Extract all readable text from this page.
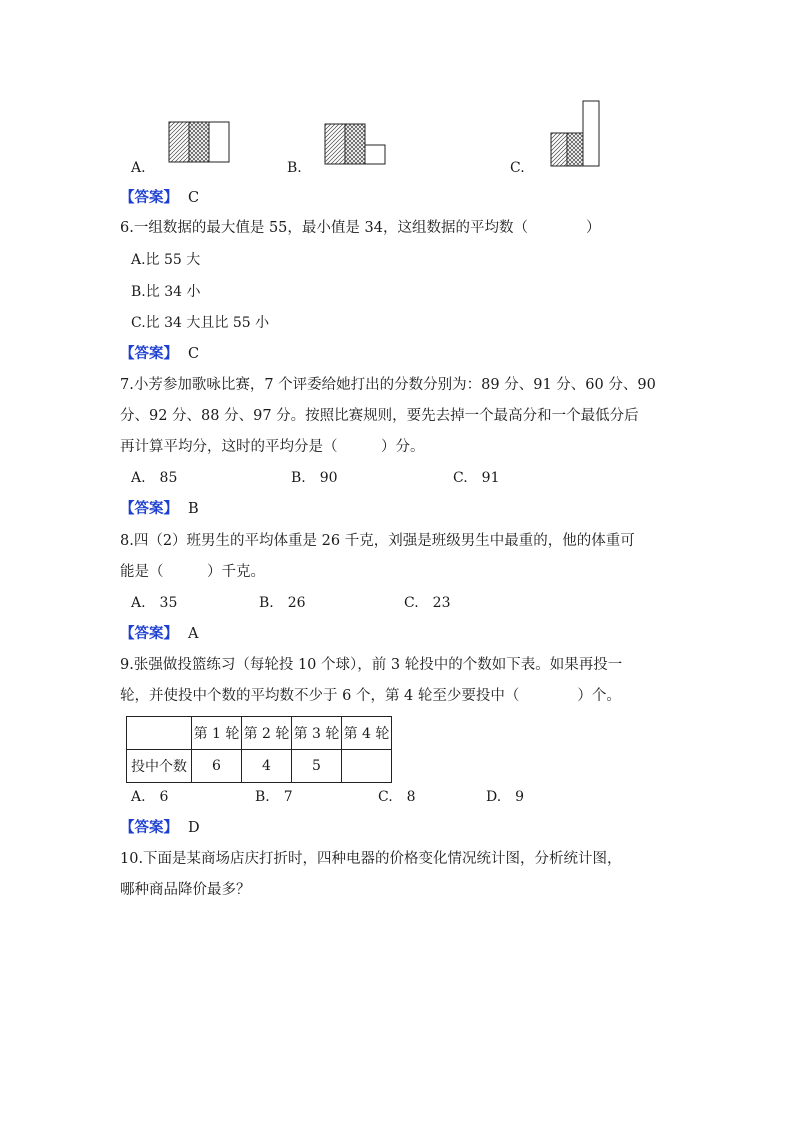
A.	B.	C.
【答案】 C
6.一组数据的最大值是 55，最小值是 34，这组数据的平均数（　　　　）
A.比 55 大
B.比 34 小
C.比 34 大且比 55 小
【答案】 C
7.小芳参加歌咏比赛，7 个评委给她打出的分数分别为：89 分、91 分、60 分、90
分、92 分、88 分、97 分。按照比赛规则，要先去掉一个最高分和一个最低分后
再计算平均分，这时的平均分是（　　　）分。
A.　85	B.　90	C.　91
【答案】 B
8.四（2）班男生的平均体重是 26 千克，刘强是班级男生中最重的，他的体重可
能是（　　　）千克。
A.　35	B.　26	C.　23
【答案】 A
9.张强做投篮练习（每轮投 10 个球），前 3 轮投中的个数如下表。如果再投一
轮，并使投中个数的平均数不少于 6 个，第 4 轮至少要投中（　　　　）个。
	第 1 轮	第 2 轮	第 3 轮	第 4 轮
投中个数	6	4	5	
A.　6	B.　7	C.　8	D.　9
【答案】 D
10.下面是某商场店庆打折时，四种电器的价格变化情况统计图，分析统计图，
哪种商品降价最多？
